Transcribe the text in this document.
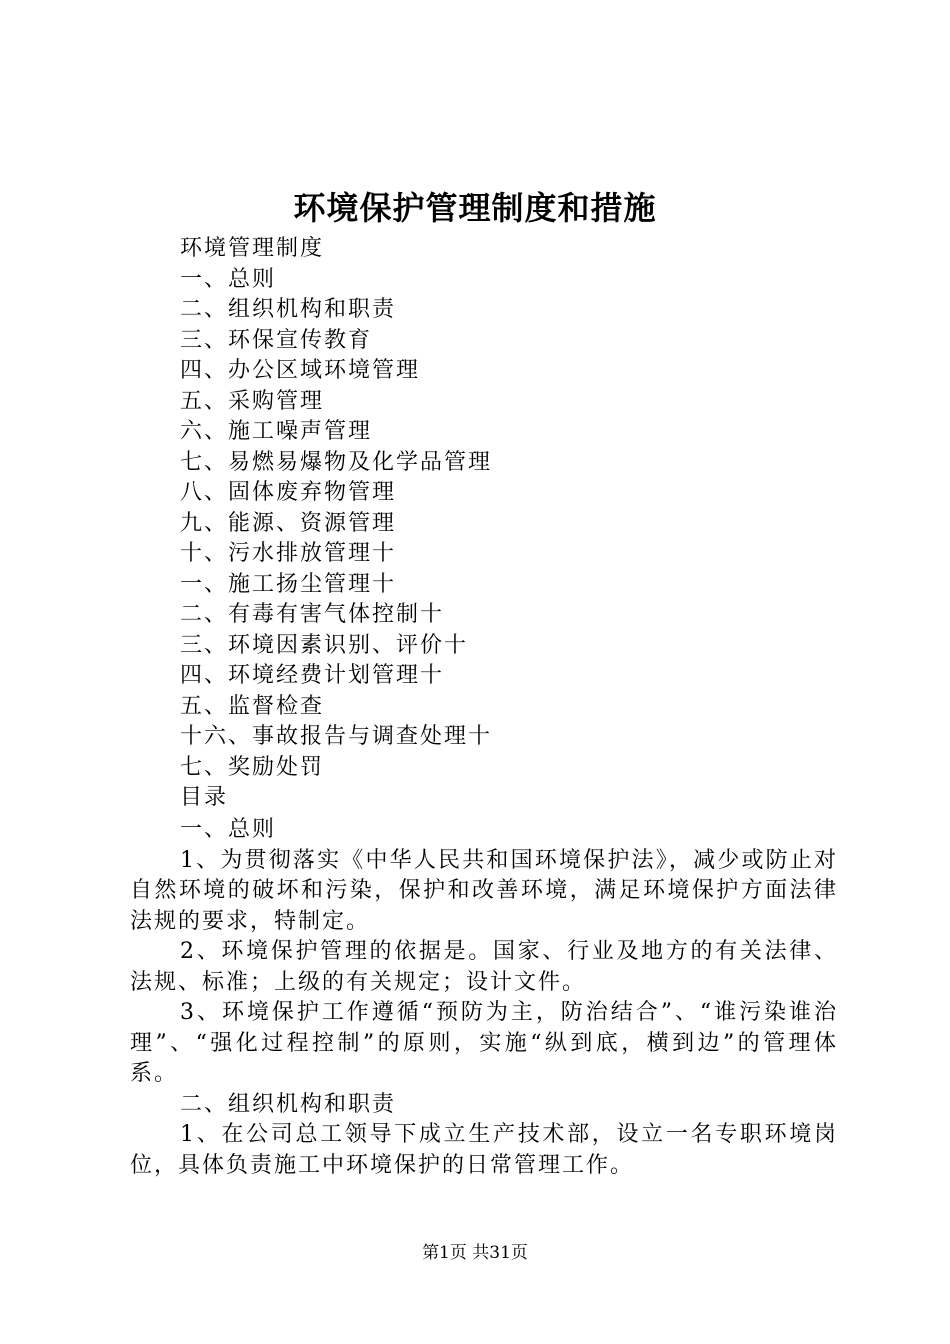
环境保护管理制度和措施
环境管理制度
一、总则
二、组织机构和职责
三、环保宣传教育
四、办公区域环境管理
五、采购管理
六、施工噪声管理
七、易燃易爆物及化学品管理
八、固体废弃物管理
九、能源、资源管理
十、污水排放管理十
一、施工扬尘管理十
二、有毒有害气体控制十
三、环境因素识别、评价十
四、环境经费计划管理十
五、监督检查
十六、事故报告与调查处理十
七、奖励处罚
目录
一、总则

1、为贯彻落实《中华人民共和国环境保护法》，减少或防止对自然环境的破坏和污染，保护和改善环境，满足环境保护方面法律法规的要求，特制定。

2、环境保护管理的依据是。国家、行业及地方的有关法律、法规、标准；上级的有关规定；设计文件。

3、环境保护工作遵循“预防为主，防治结合”、“谁污染谁治理”、“强化过程控制”的原则，实施“纵到底，横到边”的管理体系。

二、组织机构和职责

1、在公司总工领导下成立生产技术部，设立一名专职环境岗位，具体负责施工中环境保护的日常管理工作。

第1页 共31页
